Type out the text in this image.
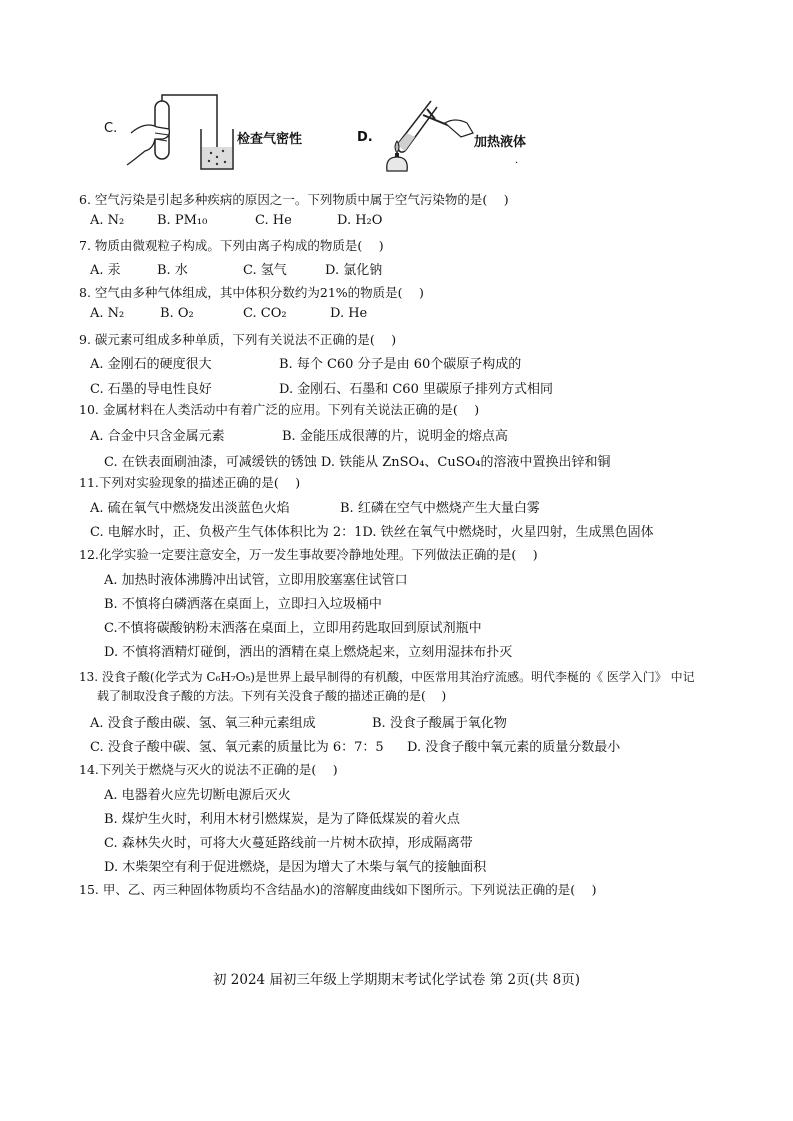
C.
检查气密性	D.	加热液体
·
6. 空气污染是引起多种疾病的原因之一。下列物质中属于空气污染物的是(　 )
A. N₂	B. PM₁₀	C. He	D. H₂O
7. 物质由微观粒子构成。下列由离子构成的物质是(　 )
A. 汞	B. 水	C. 氢气	D. 氯化钠
8. 空气由多种气体组成，其中体积分数约为21%的物质是(　 )
A. N₂	B. O₂	C. CO₂	D. He
9. 碳元素可组成多种单质，下列有关说法不正确的是(　 )
A. 金刚石的硬度很大	B. 每个 C60 分子是由 60个碳原子构成的
C. 石墨的导电性良好	D. 金刚石、石墨和 C60 里碳原子排列方式相同
10. 金属材料在人类活动中有着广泛的应用。下列有关说法正确的是(　 )
A. 合金中只含金属元素	B. 金能压成很薄的片，说明金的熔点高
C. 在铁表面刷油漆，可减缓铁的锈蚀 D. 铁能从 ZnSO₄、CuSO₄的溶液中置换出锌和铜
11.下列对实验现象的描述正确的是(　 )
A. 硫在氧气中燃烧发出淡蓝色火焰	B. 红磷在空气中燃烧产生大量白雾
C. 电解水时，正、负极产生气体体积比为 2：1D. 铁丝在氧气中燃烧时，火星四射，生成黑色固体
12.化学实验一定要注意安全，万一发生事故要冷静地处理。下列做法正确的是(　 )
A. 加热时液体沸腾冲出试管，立即用胶塞塞住试管口
B. 不慎将白磷洒落在桌面上，立即扫入垃圾桶中
C.不慎将碳酸钠粉末洒落在桌面上，立即用药匙取回到原试剂瓶中
D. 不慎将酒精灯碰倒，洒出的酒精在桌上燃烧起来，立刻用湿抹布扑灭
13. 没食子酸(化学式为 C₆H₇O₅)是世界上最早制得的有机酸，中医常用其治疗流感。明代李梴的《 医学入门》 中记
载了制取没食子酸的方法。下列有关没食子酸的描述正确的是(　 )
A. 没食子酸由碳、氢、氧三种元素组成	B. 没食子酸属于氧化物
C. 没食子酸中碳、氢、氧元素的质量比为 6：7：5 D. 没食子酸中氧元素的质量分数最小
14.下列关于燃烧与灭火的说法不正确的是(　 )
A. 电器着火应先切断电源后灭火
B. 煤炉生火时，利用木材引燃煤炭，是为了降低煤炭的着火点
C. 森林失火时，可将大火蔓延路线前一片树木砍掉，形成隔离带
D. 木柴架空有利于促进燃烧，是因为增大了木柴与氧气的接触面积
15. 甲、乙、丙三种固体物质均不含结晶水)的溶解度曲线如下图所示。下列说法正确的是(　 )
初 2024 届初三年级上学期期末考试化学试卷 第 2页(共 8页)
